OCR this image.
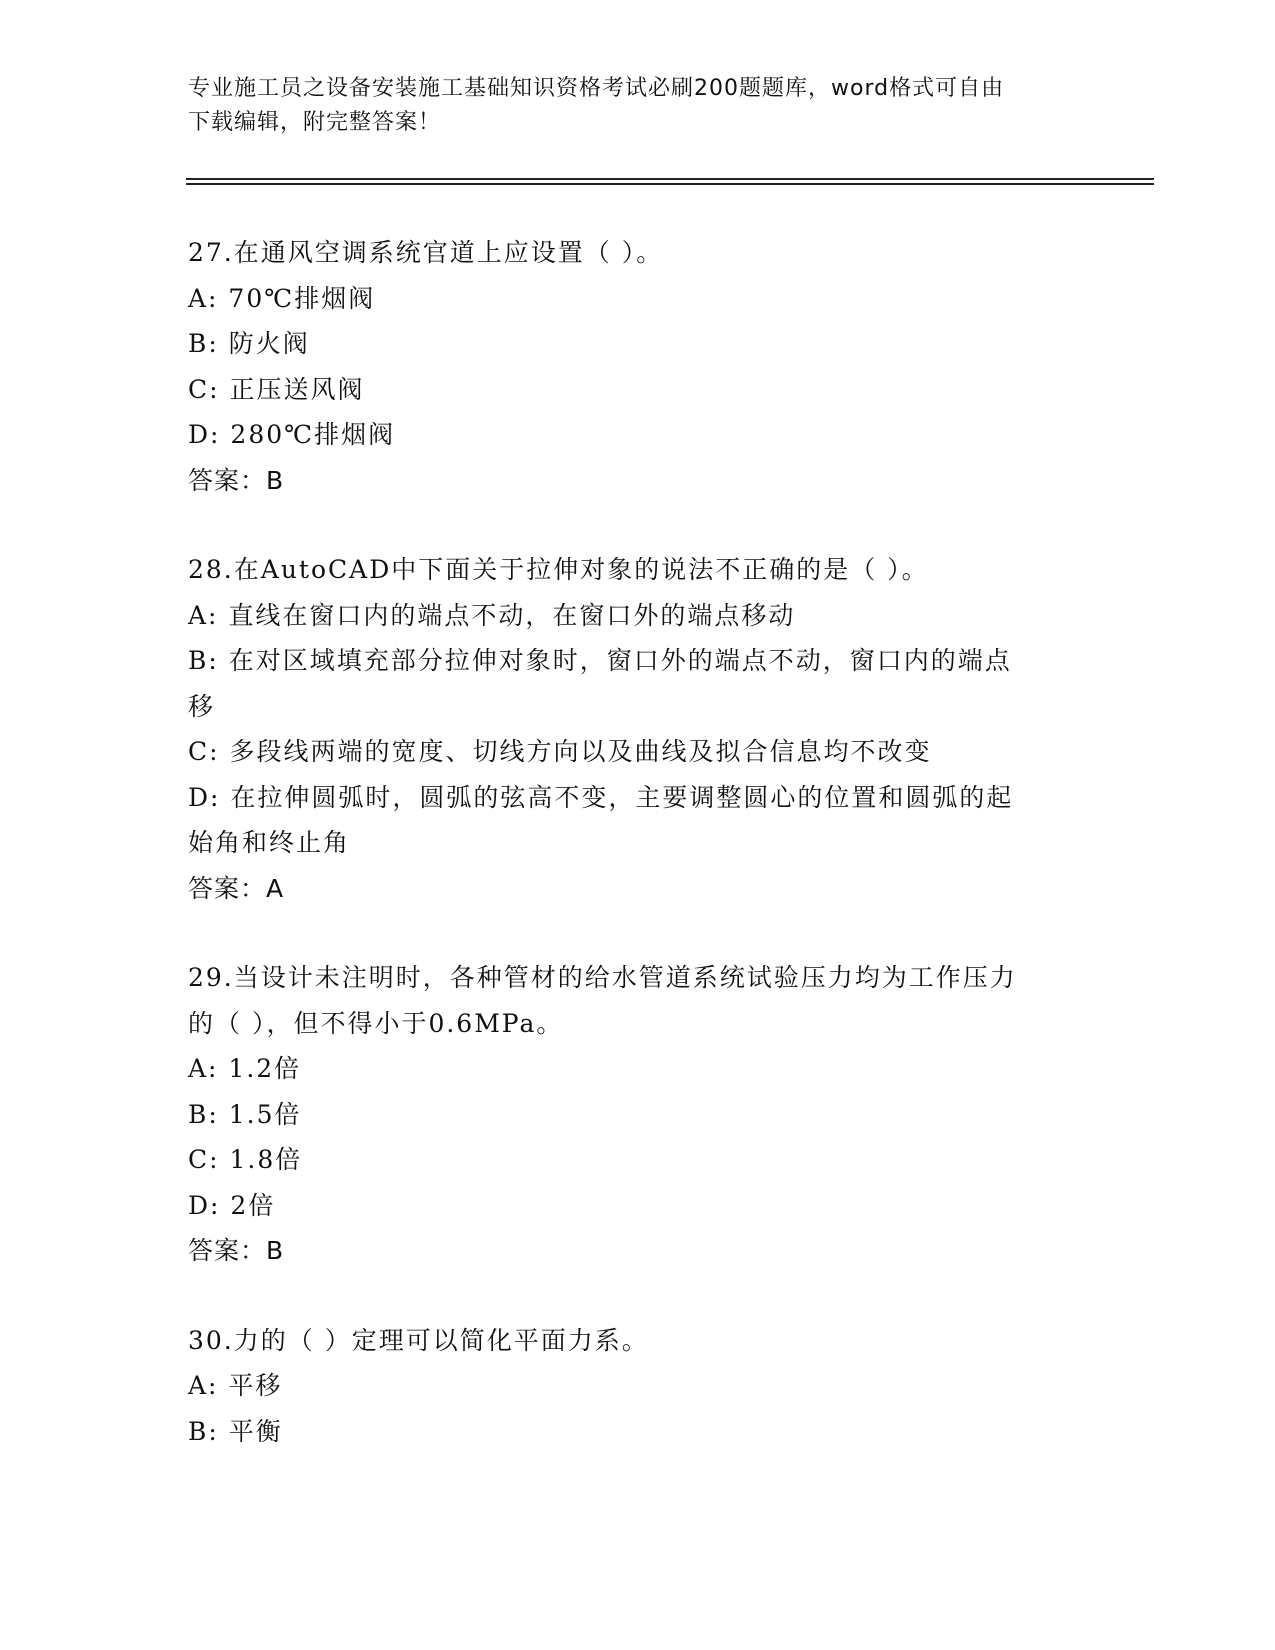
专业施工员之设备安装施工基础知识资格考试必刷200题题库，word格式可自由
下载编辑，附完整答案！
27.在通风空调系统官道上应设置（ ）。
A: 70℃排烟阀
B: 防火阀
C: 正压送风阀
D: 280℃排烟阀
答案：B
28.在AutoCAD中下面关于拉伸对象的说法不正确的是（ ）。
A: 直线在窗口内的端点不动，在窗口外的端点移动
B: 在对区域填充部分拉伸对象时，窗口外的端点不动，窗口内的端点
移
C: 多段线两端的宽度、切线方向以及曲线及拟合信息均不改变
D: 在拉伸圆弧时，圆弧的弦高不变，主要调整圆心的位置和圆弧的起
始角和终止角
答案：A
29.当设计未注明时，各种管材的给水管道系统试验压力均为工作压力
的（ ），但不得小于0.6MPa。
A: 1.2倍
B: 1.5倍
C: 1.8倍
D: 2倍
答案：B
30.力的（ ）定理可以简化平面力系。
A: 平移
B: 平衡
